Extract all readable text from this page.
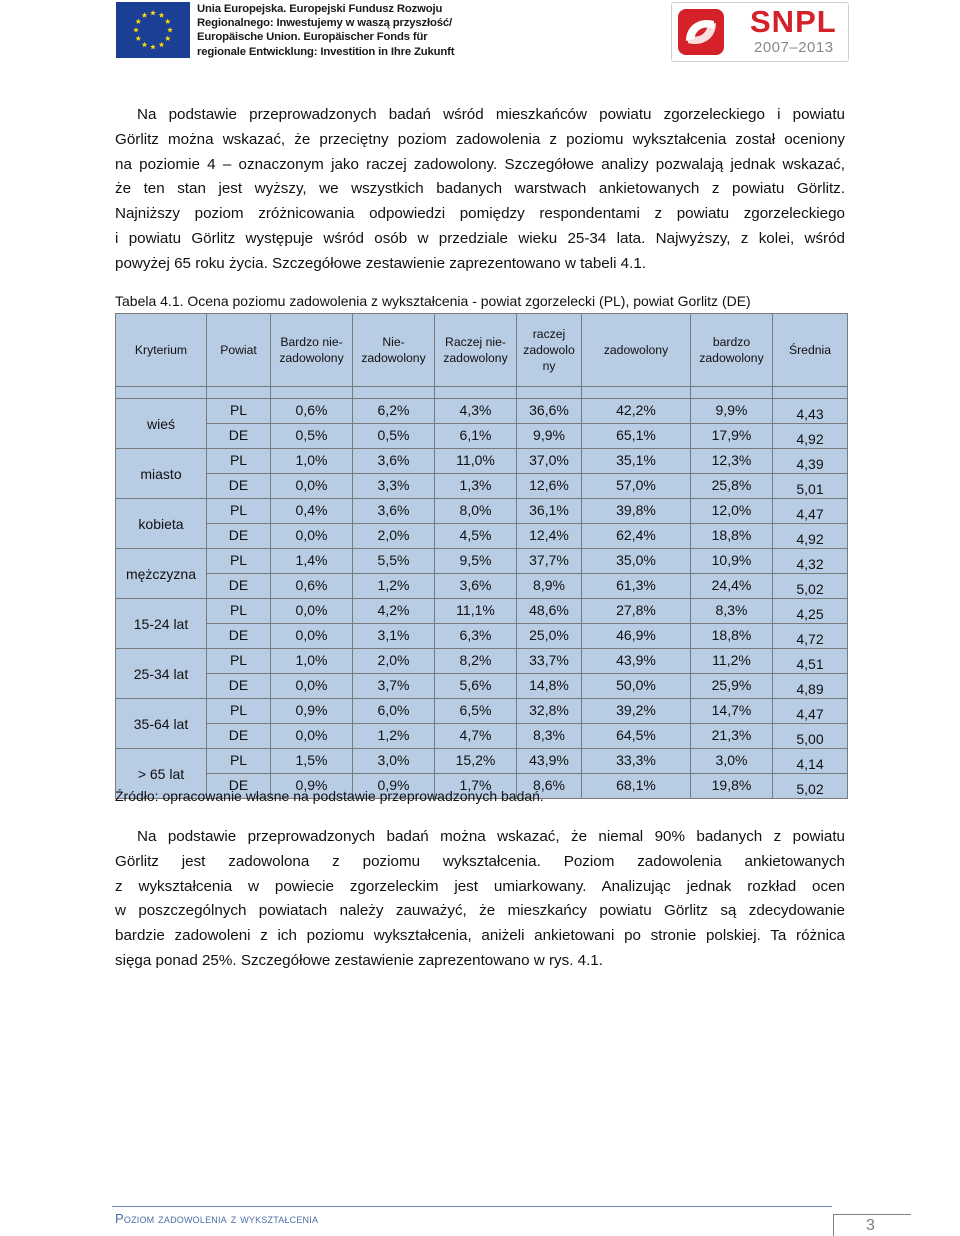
Unia Europejska. Europejski Fundusz Rozwoju
Regionalnego: Inwestujemy w waszą przyszłość/
Europäische Union. Europäischer Fonds für
regionale Entwicklung: Investition in Ihre Zukunft
SNPL
2007–2013
Na podstawie przeprowadzonych badań wśród mieszkańców powiatu zgorzeleckiego i powiatu
Görlitz można wskazać, że przeciętny poziom zadowolenia z poziomu wykształcenia został oceniony
na poziomie 4 – oznaczonym jako raczej zadowolony. Szczegółowe analizy pozwalają jednak wskazać,
że ten stan jest wyższy, we wszystkich badanych warstwach ankietowanych z powiatu Görlitz.
Najniższy poziom zróżnicowania odpowiedzi pomiędzy respondentami z powiatu zgorzeleckiego
i powiatu Görlitz występuje wśród osób w przedziale wieku 25-34 lata. Najwyższy, z kolei, wśród
powyżej 65 roku życia. Szczegółowe zestawienie zaprezentowano w tabeli 4.1.
Tabela 4.1. Ocena poziomu zadowolenia z wykształcenia - powiat zgorzelecki (PL), powiat Gorlitz (DE)
Kryterium	Powiat	Bardzo nie-zadowolony	Nie-zadowolony	Raczej nie-zadowolony	raczej zadowolo ny	zadowolony	bardzo zadowolony	Średnia

wieś	PL	0,6%	6,2%	4,3%	36,6%	42,2%	9,9%	4,43
	DE	0,5%	0,5%	6,1%	9,9%	65,1%	17,9%	4,92
miasto	PL	1,0%	3,6%	11,0%	37,0%	35,1%	12,3%	4,39
	DE	0,0%	3,3%	1,3%	12,6%	57,0%	25,8%	5,01
kobieta	PL	0,4%	3,6%	8,0%	36,1%	39,8%	12,0%	4,47
	DE	0,0%	2,0%	4,5%	12,4%	62,4%	18,8%	4,92
mężczyzna	PL	1,4%	5,5%	9,5%	37,7%	35,0%	10,9%	4,32
	DE	0,6%	1,2%	3,6%	8,9%	61,3%	24,4%	5,02
15-24 lat	PL	0,0%	4,2%	11,1%	48,6%	27,8%	8,3%	4,25
	DE	0,0%	3,1%	6,3%	25,0%	46,9%	18,8%	4,72
25-34 lat	PL	1,0%	2,0%	8,2%	33,7%	43,9%	11,2%	4,51
	DE	0,0%	3,7%	5,6%	14,8%	50,0%	25,9%	4,89
35-64 lat	PL	0,9%	6,0%	6,5%	32,8%	39,2%	14,7%	4,47
	DE	0,0%	1,2%	4,7%	8,3%	64,5%	21,3%	5,00
> 65 lat	PL	1,5%	3,0%	15,2%	43,9%	33,3%	3,0%	4,14
	DE	0,9%	0,9%	1,7%	8,6%	68,1%	19,8%	5,02
Źródło: opracowanie własne na podstawie przeprowadzonych badań.
Na podstawie przeprowadzonych badań można wskazać, że niemal 90% badanych z powiatu
Görlitz jest zadowolona z poziomu wykształcenia. Poziom zadowolenia ankietowanych
z wykształcenia w powiecie zgorzeleckim jest umiarkowany. Analizując jednak rozkład ocen
w poszczególnych powiatach należy zauważyć, że mieszkańcy powiatu Görlitz są zdecydowanie
bardzie zadowoleni z ich poziomu wykształcenia, aniżeli ankietowani po stronie polskiej. Ta różnica
sięga ponad 25%. Szczegółowe zestawienie zaprezentowano w rys. 4.1.
Poziom zadowolenia z wykształcenia	3
